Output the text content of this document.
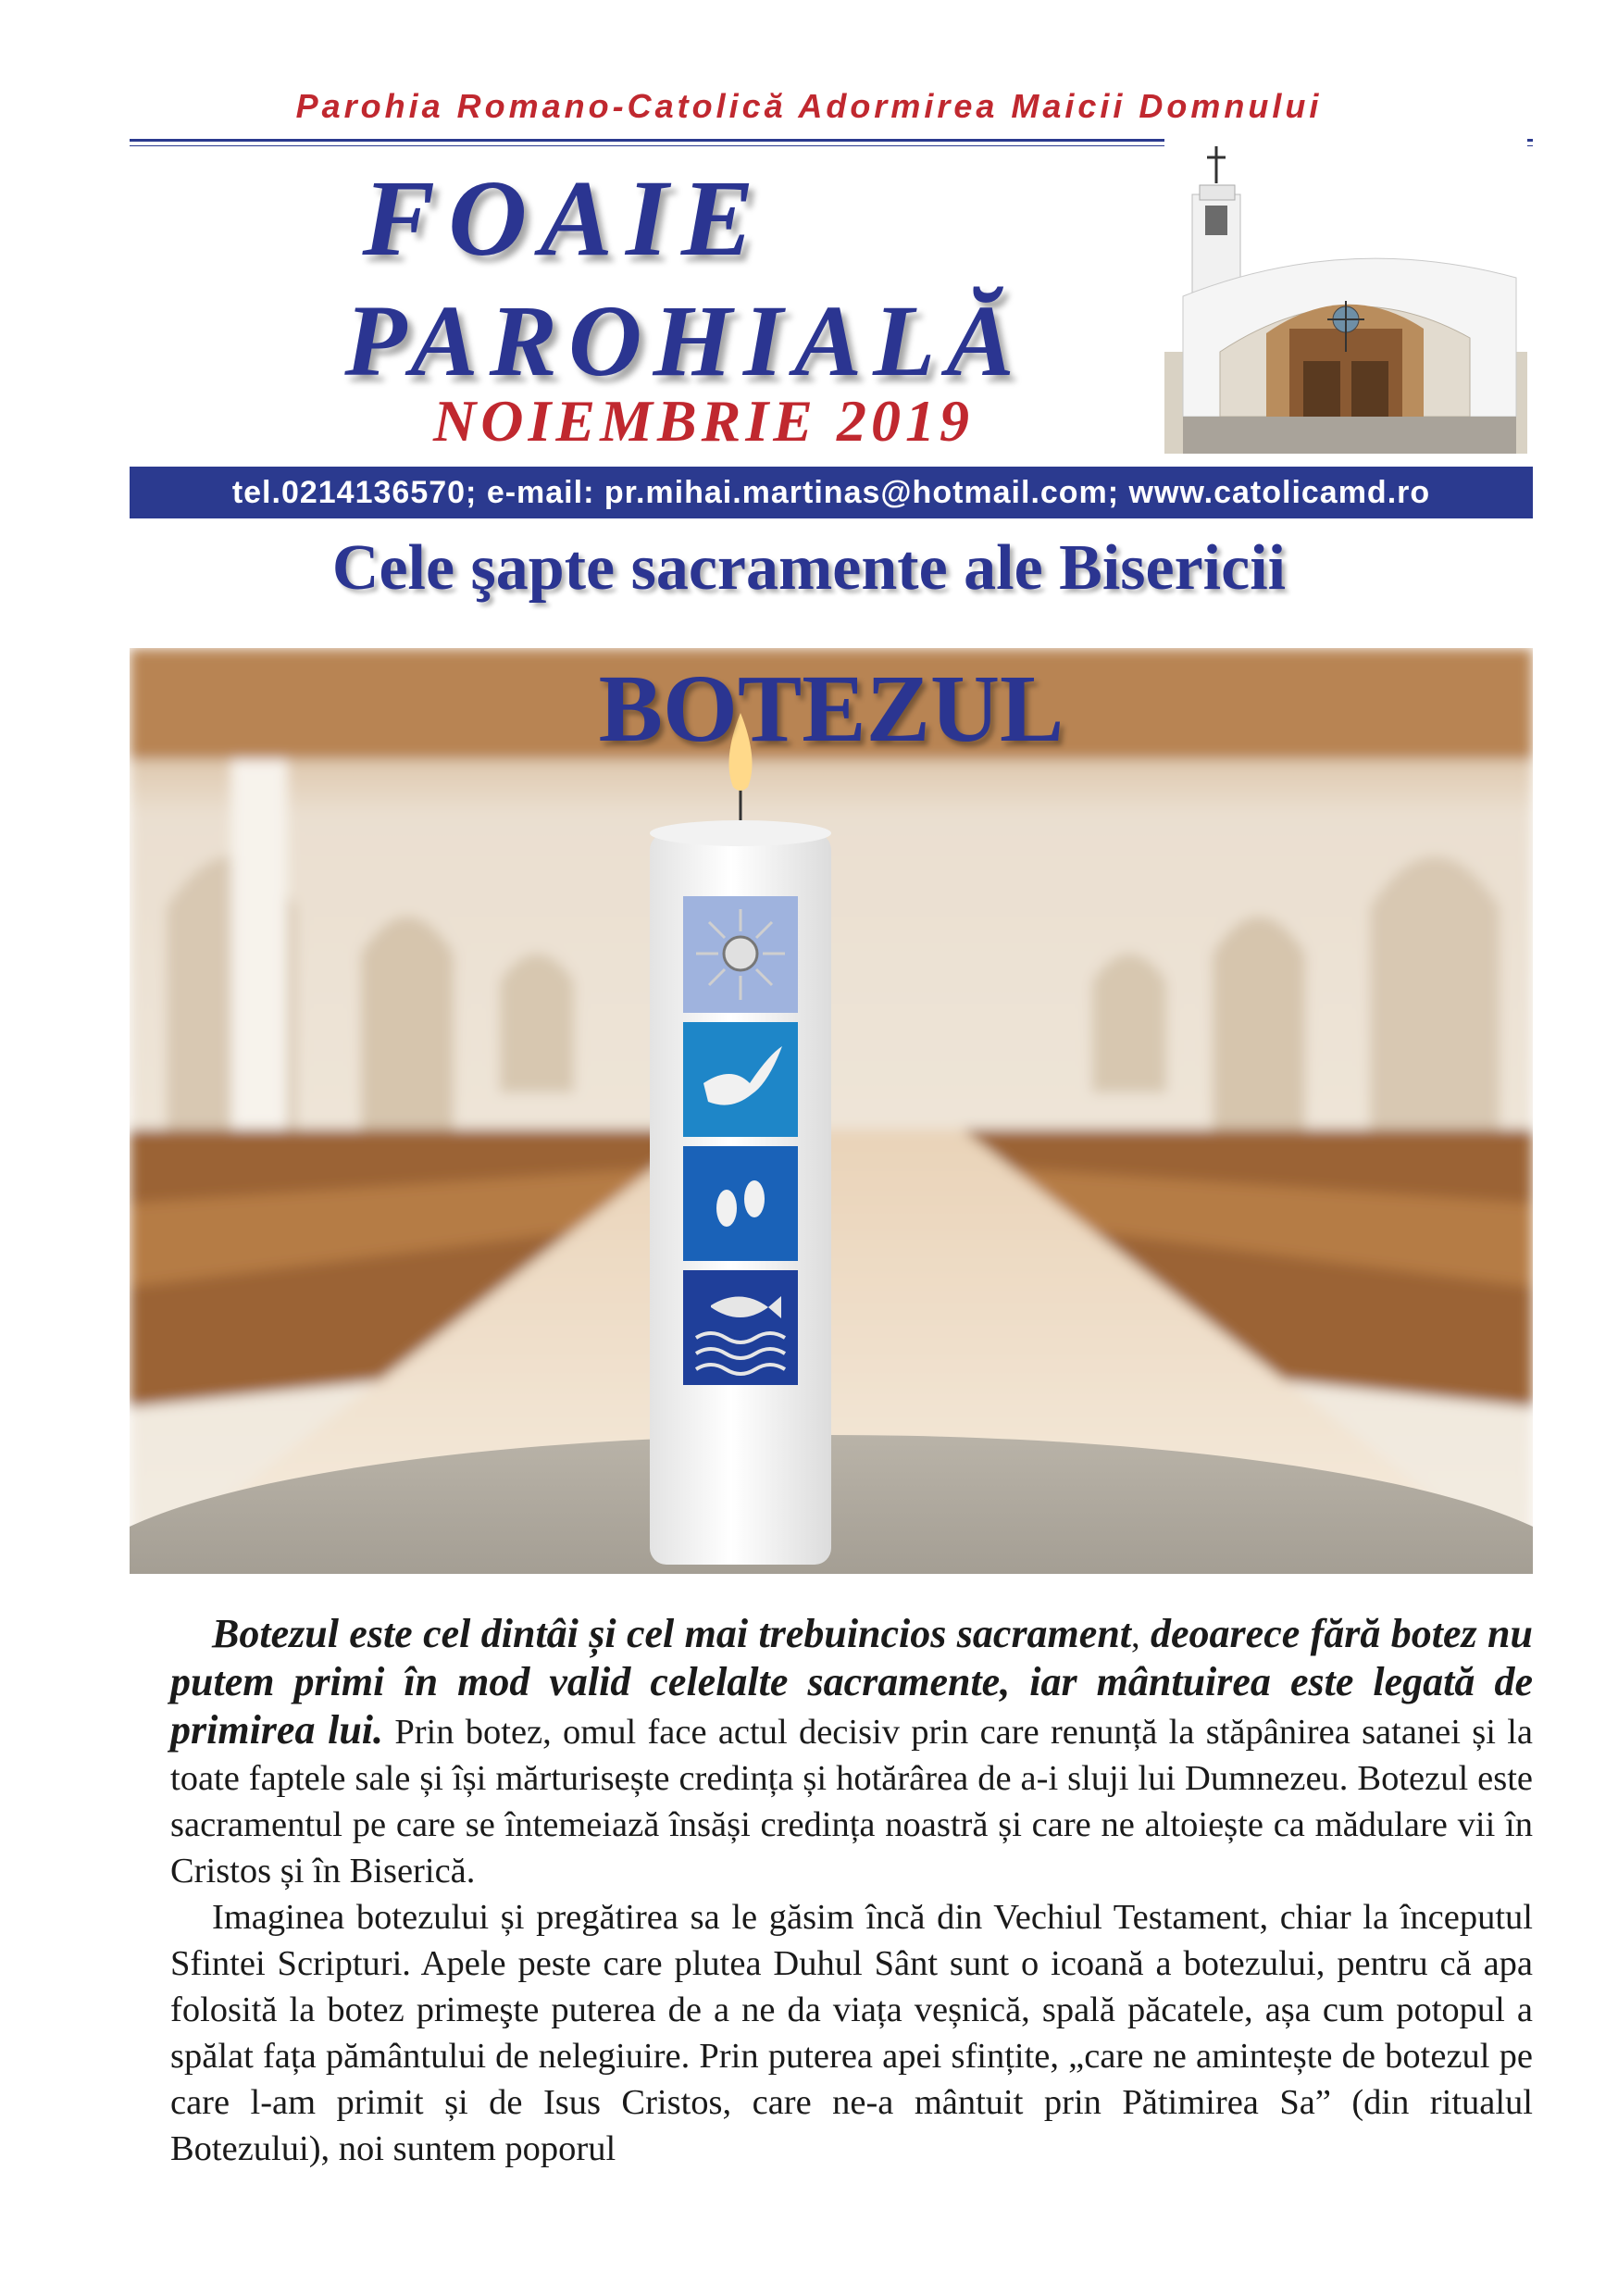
Parohia Romano-Catolică Adormirea Maicii Domnului
FOAIE
PAROHIALĂ
NOIEMBRIE 2019
tel.0214136570; e-mail: pr.mihai.martinas@hotmail.com; www.catolicamd.ro
Cele şapte sacramente ale Bisericii
BOTEZUL

Botezul este cel dintâi și cel mai trebuincios sacrament, deoarece fără botez nu putem primi în mod valid celelalte sacramente, iar mântuirea este legată de primirea lui. Prin botez, omul face actul decisiv prin care renunță la stăpânirea satanei și la toate faptele sale și își mărturisește credința și hotărârea de a-i sluji lui Dumnezeu. Botezul este sacramentul pe care se întemeiază însăși credința noastră și care ne altoiește ca mădulare vii în Cristos și în Biserică.

Imaginea botezului și pregătirea sa le găsim încă din Vechiul Testament, chiar la începutul Sfintei Scripturi. Apele peste care plutea Duhul Sânt sunt o icoană a botezului, pentru că apa folosită la botez primeşte puterea de a ne da viața veșnică, spală păcatele, așa cum potopul a spălat fața pământului de nelegiuire. Prin puterea apei sfințite, „care ne amintește de botezul pe care l-am primit și de Isus Cristos, care ne-a mântuit prin Pătimirea Sa” (din ritualul Botezului), noi suntem poporul
